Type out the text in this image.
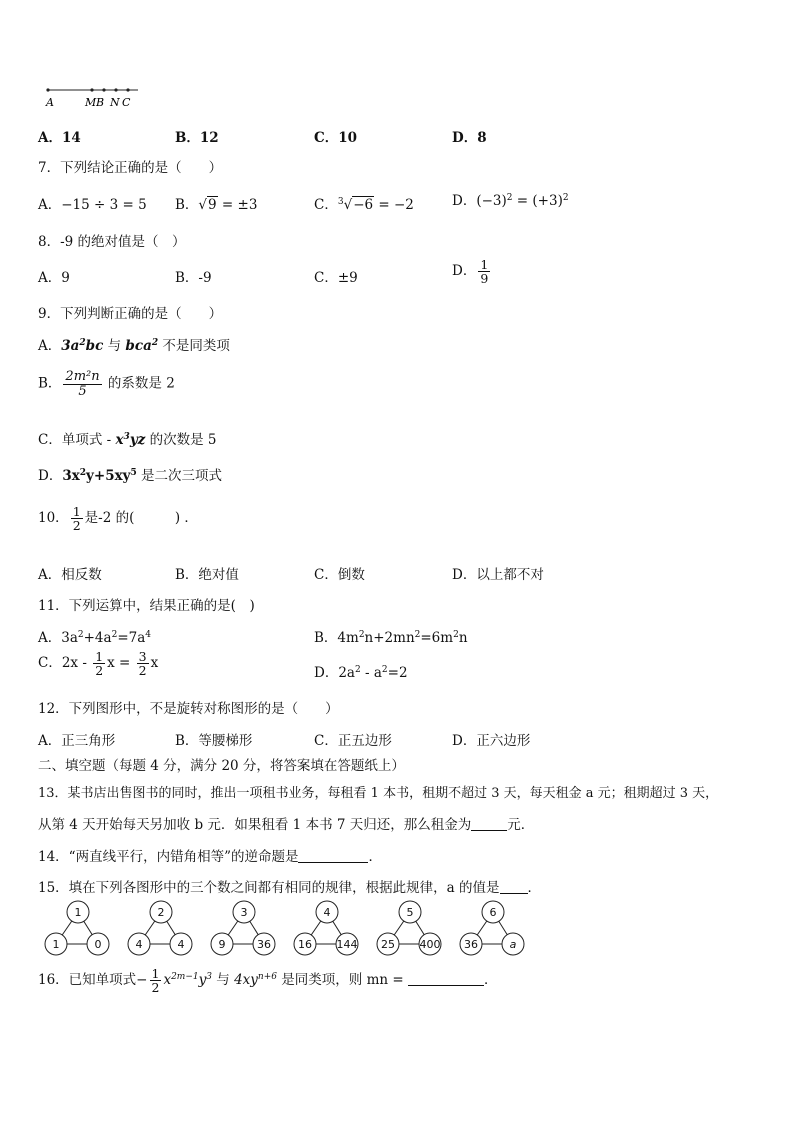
A	M B N C
A．14	B．12	C．10	D．8
7．下列结论正确的是（　　）
A．−15 ÷ 3 = 5 B．√9 = ±3	C．$^3$√−6 = −2	D．$(-3)^2 = (+3)^2$
8．-9 的绝对值是（　）
A．9	B．-9	C．±9	D． $\frac{1}{9}$
9．下列判断正确的是（　　）
A．$3a^2bc$ 与 bca$^2$ 不是同类项
B． $\frac{\text{2m²n}}{5}$ 的系数是 2
C．单项式 - $x^3yz$ 的次数是 5
D．$3x^2y+5xy^5$ 是二次三项式
10． $\frac{1}{2}$ 是-2 的(　　　) ．
A．相反数	B．绝对值	C．倒数	D．以上都不对
11．下列运算中，结果正确的是(　)
A．$3a^2+4a^2=7a^4$	B．$4m^2n+2mn^2=6m^2n$
C．$2x - \frac{1}{2}$ $x = \frac{3}{2}$ x
D．$2a^2 - a^2=2$
12．下列图形中，不是旋转对称图形的是（　　）
A．正三角形	B．等腰梯形	C．正五边形	D．正六边形
二、填空题（每题 4 分，满分 20 分，将答案填在答题纸上）
13．某书店出售图书的同时，推出一项租书业务，每租看 1 本书，租期不超过 3 天，每天租金 a 元；租期超过 3 天，
从第 4 天开始每天另加收 b 元．如果租看 1 本书 7 天归还，那么租金为	元．
14．“两直线平行，内错角相等”的逆命题是	．
15．填在下列各图形中的三个数之间都有相同的规律，根据此规律，a 的值是 ．
1
1	0
2
4	4
3
9	36
4
16 144
5
25 400
6
36	a
16．已知单项式− $\frac{1}{2} x^{2m-1}y^3$ 与 $4xy^{n+6}$ 是同类项，则 mn =	．
